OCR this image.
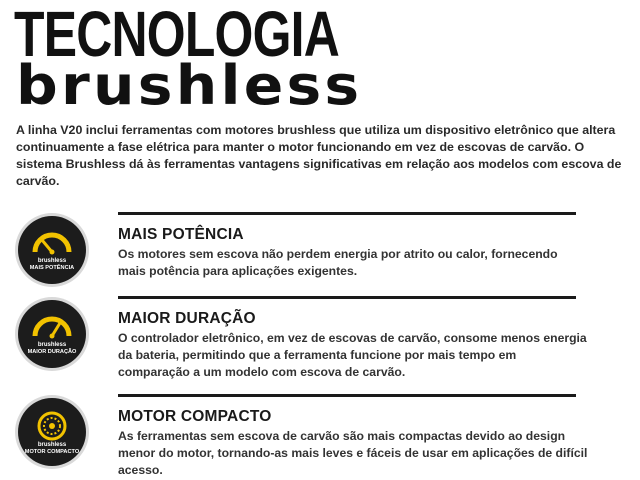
TECNOLOGIA
brushless

A linha V20 inclui ferramentas com motores brushless que utiliza um dispositivo eletrônico que altera continuamente a fase elétrica para manter o motor funcionando em vez de escovas de carvão. O sistema Brushless dá às ferramentas vantagens significativas em relação aos modelos com escova de carvão.

brushless
MAIS POTÊNCIA
MAIS POTÊNCIA

Os motores sem escova não perdem energia por atrito ou calor, fornecendo mais potência para aplicações exigentes.

brushless
MAIOR DURAÇÃO
MAIOR DURAÇÃO

O controlador eletrônico, em vez de escovas de carvão, consome menos energia da bateria, permitindo que a ferramenta funcione por mais tempo em comparação a um modelo com escova de carvão.

brushless
MOTOR COMPACTO
MOTOR COMPACTO

As ferramentas sem escova de carvão são mais compactas devido ao design menor do motor, tornando-as mais leves e fáceis de usar em aplicações de difícil acesso.
